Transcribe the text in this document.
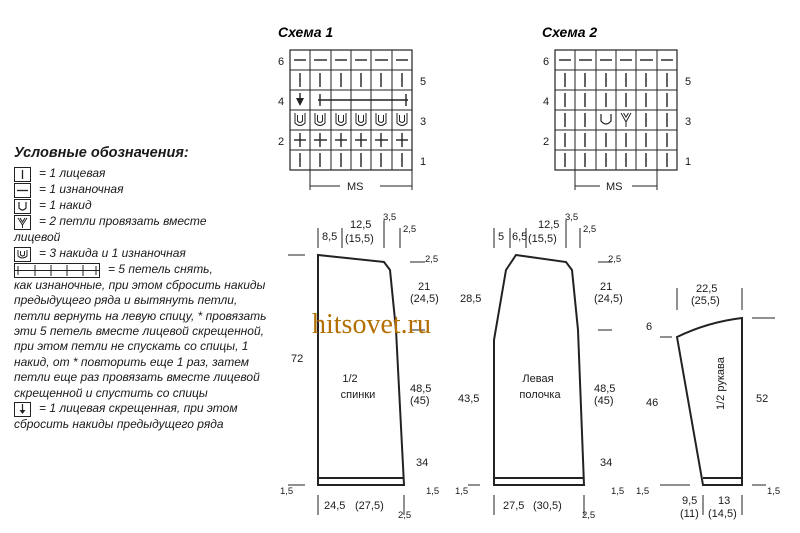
Условные обозначения:
= 1 лицевая
= 1 изнаночная
= 1 накид
= 2 петли провязать вместе
лицевой
= 3 накида и 1 изнаночная
= 5 петель снять,
как изнаночные, при этом сбросить накиды предыдущего ряда и вытянуть петли, петли вернуть на левую спицу, * провязать эти 5 петель вместе лицевой скрещенной, при этом петли не спускать со спицы, 1 накид, от * повторить еще 1 раз, затем петли еще раз провязать вместе лицевой скрещенной и спустить со спицы
= 1 лицевая скрещенная, при этом
сбросить накиды предыдущего ряда
Схема 1
6
4
2
5
3
1
MS
Схема 2
6
4
2
5
3
1
MS
1/2
спинки
8,5
12,5
(15,5)
3,5
2,5
2,5
21
(24,5)
72
48,5
(45)
34
24,5 (27,5)
1,5	1,5
2,5
Левая
полочка
5 6,5
12,5
(15,5)
3,5
2,5
2,5
28,5
21
(24,5)
43,5
48,5
(45)
34
27,5 (30,5)
1,5	1,5
2,5
22,5
(25,5)
6
46	52
1/2 рукава
1,5	1,5
9,5
(11)
13
(14,5)
hitsovet.ru
